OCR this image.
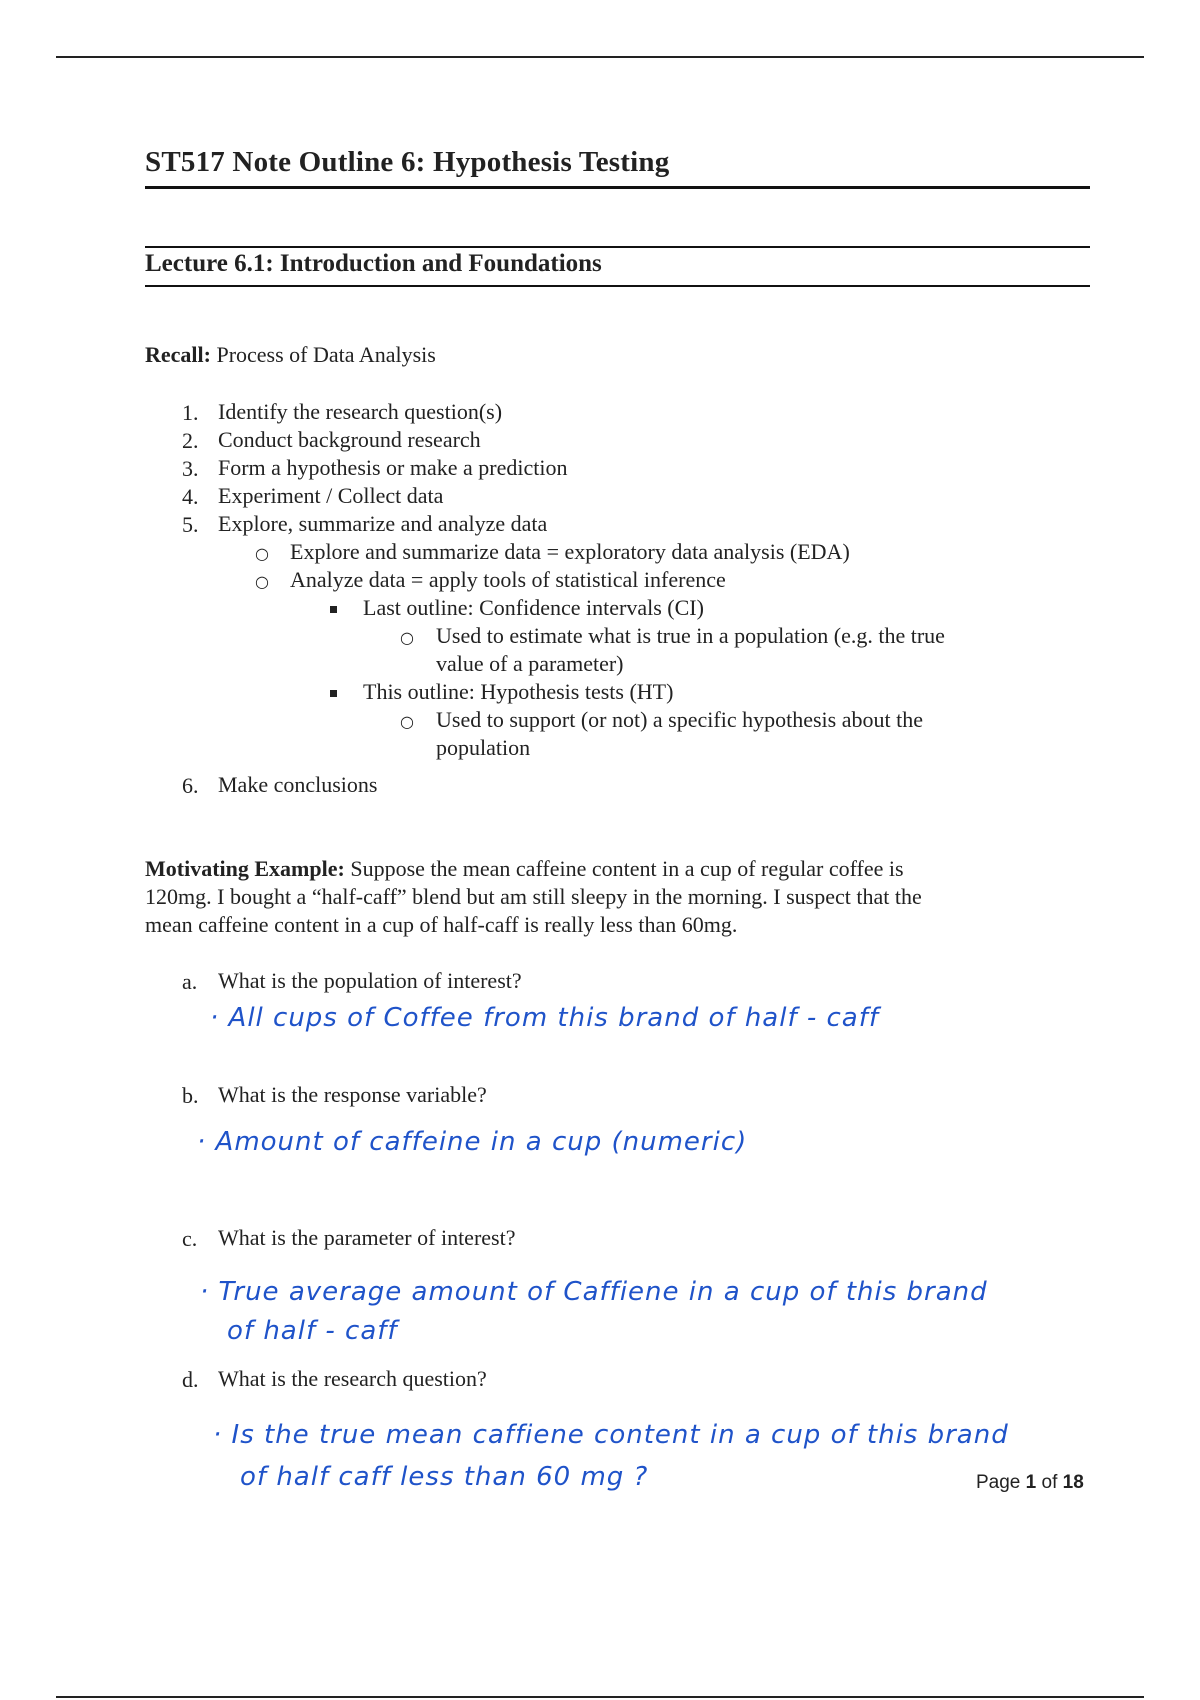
ST517 Note Outline 6: Hypothesis Testing
Lecture 6.1: Introduction and Foundations
Recall: Process of Data Analysis
1. Identify the research question(s)
2. Conduct background research
3. Form a hypothesis or make a prediction
4. Experiment / Collect data
5. Explore, summarize and analyze data
○ Explore and summarize data = exploratory data analysis (EDA)
○ Analyze data = apply tools of statistical inference
Last outline: Confidence intervals (CI)
○ Used to estimate what is true in a population (e.g. the true
value of a parameter)
This outline: Hypothesis tests (HT)
○ Used to support (or not) a specific hypothesis about the
population
6. Make conclusions
Motivating Example: Suppose the mean caffeine content in a cup of regular coffee is
120mg. I bought a “half-caff” blend but am still sleepy in the morning. I suspect that the
mean caffeine content in a cup of half-caff is really less than 60mg.
a. What is the population of interest?
· All cups of Coffee from this brand of half - caff
b. What is the response variable?
· Amount of caffeine in a cup (numeric)
c. What is the parameter of interest?
· True average amount of Caffiene in a cup of this brand
of half - caff
d. What is the research question?
· Is the true mean caffiene content in a cup of this brand
of half caff less than 60 mg ?	Page 1 of 18
